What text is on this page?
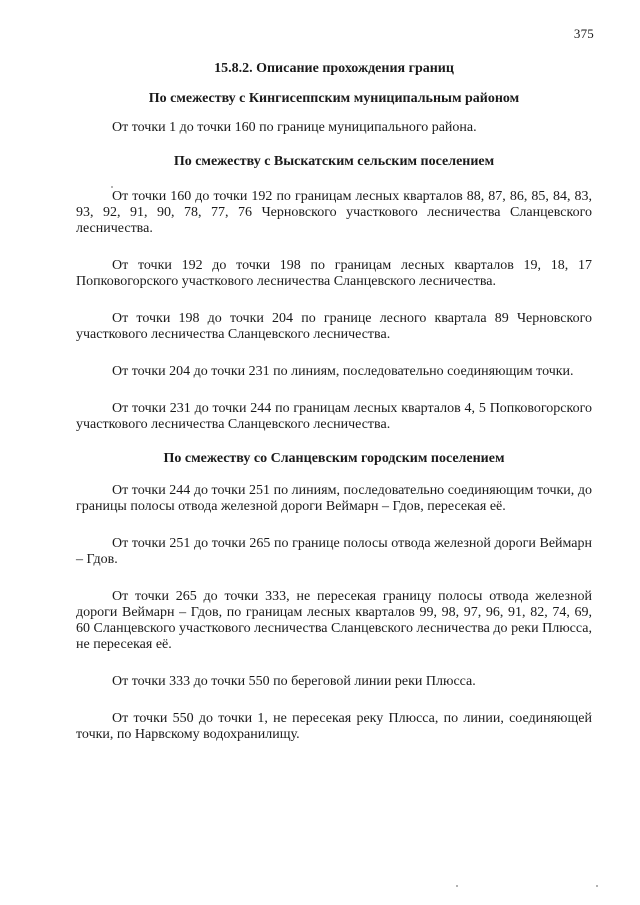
375
15.8.2. Описание прохождения границ
По смежеству с Кингисеппским муниципальным районом

От точки 1 до точки 160 по границе муниципального района.

По смежеству с Выскатским сельским поселением

От точки 160 до точки 192 по границам лесных кварталов 88, 87, 86, 85, 84, 83, 93, 92, 91, 90, 78, 77, 76 Черновского участкового лесничества Сланцевского лесничества.

От точки 192 до точки 198 по границам лесных кварталов 19, 18, 17 Попковогорского участкового лесничества Сланцевского лесничества.

От точки 198 до точки 204 по границе лесного квартала 89 Черновского участкового лесничества Сланцевского лесничества.

От точки 204 до точки 231 по линиям, последовательно соединяющим точки.

От точки 231 до точки 244 по границам лесных кварталов 4, 5 Попковогорского участкового лесничества Сланцевского лесничества.

По смежеству со Сланцевским городским поселением

От точки 244 до точки 251 по линиям, последовательно соединяющим точки, до границы полосы отвода железной дороги Веймарн – Гдов, пересекая её.

От точки 251 до точки 265 по границе полосы отвода железной дороги Веймарн – Гдов.

От точки 265 до точки 333, не пересекая границу полосы отвода железной дороги Веймарн – Гдов, по границам лесных кварталов 99, 98, 97, 96, 91, 82, 74, 69, 60 Сланцевского участкового лесничества Сланцевского лесничества до реки Плюсса, не пересекая её.

От точки 333 до точки 550 по береговой линии реки Плюсса.

От точки 550 до точки 1, не пересекая реку Плюсса, по линии, соединяющей точки, по Нарвскому водохранилищу.
